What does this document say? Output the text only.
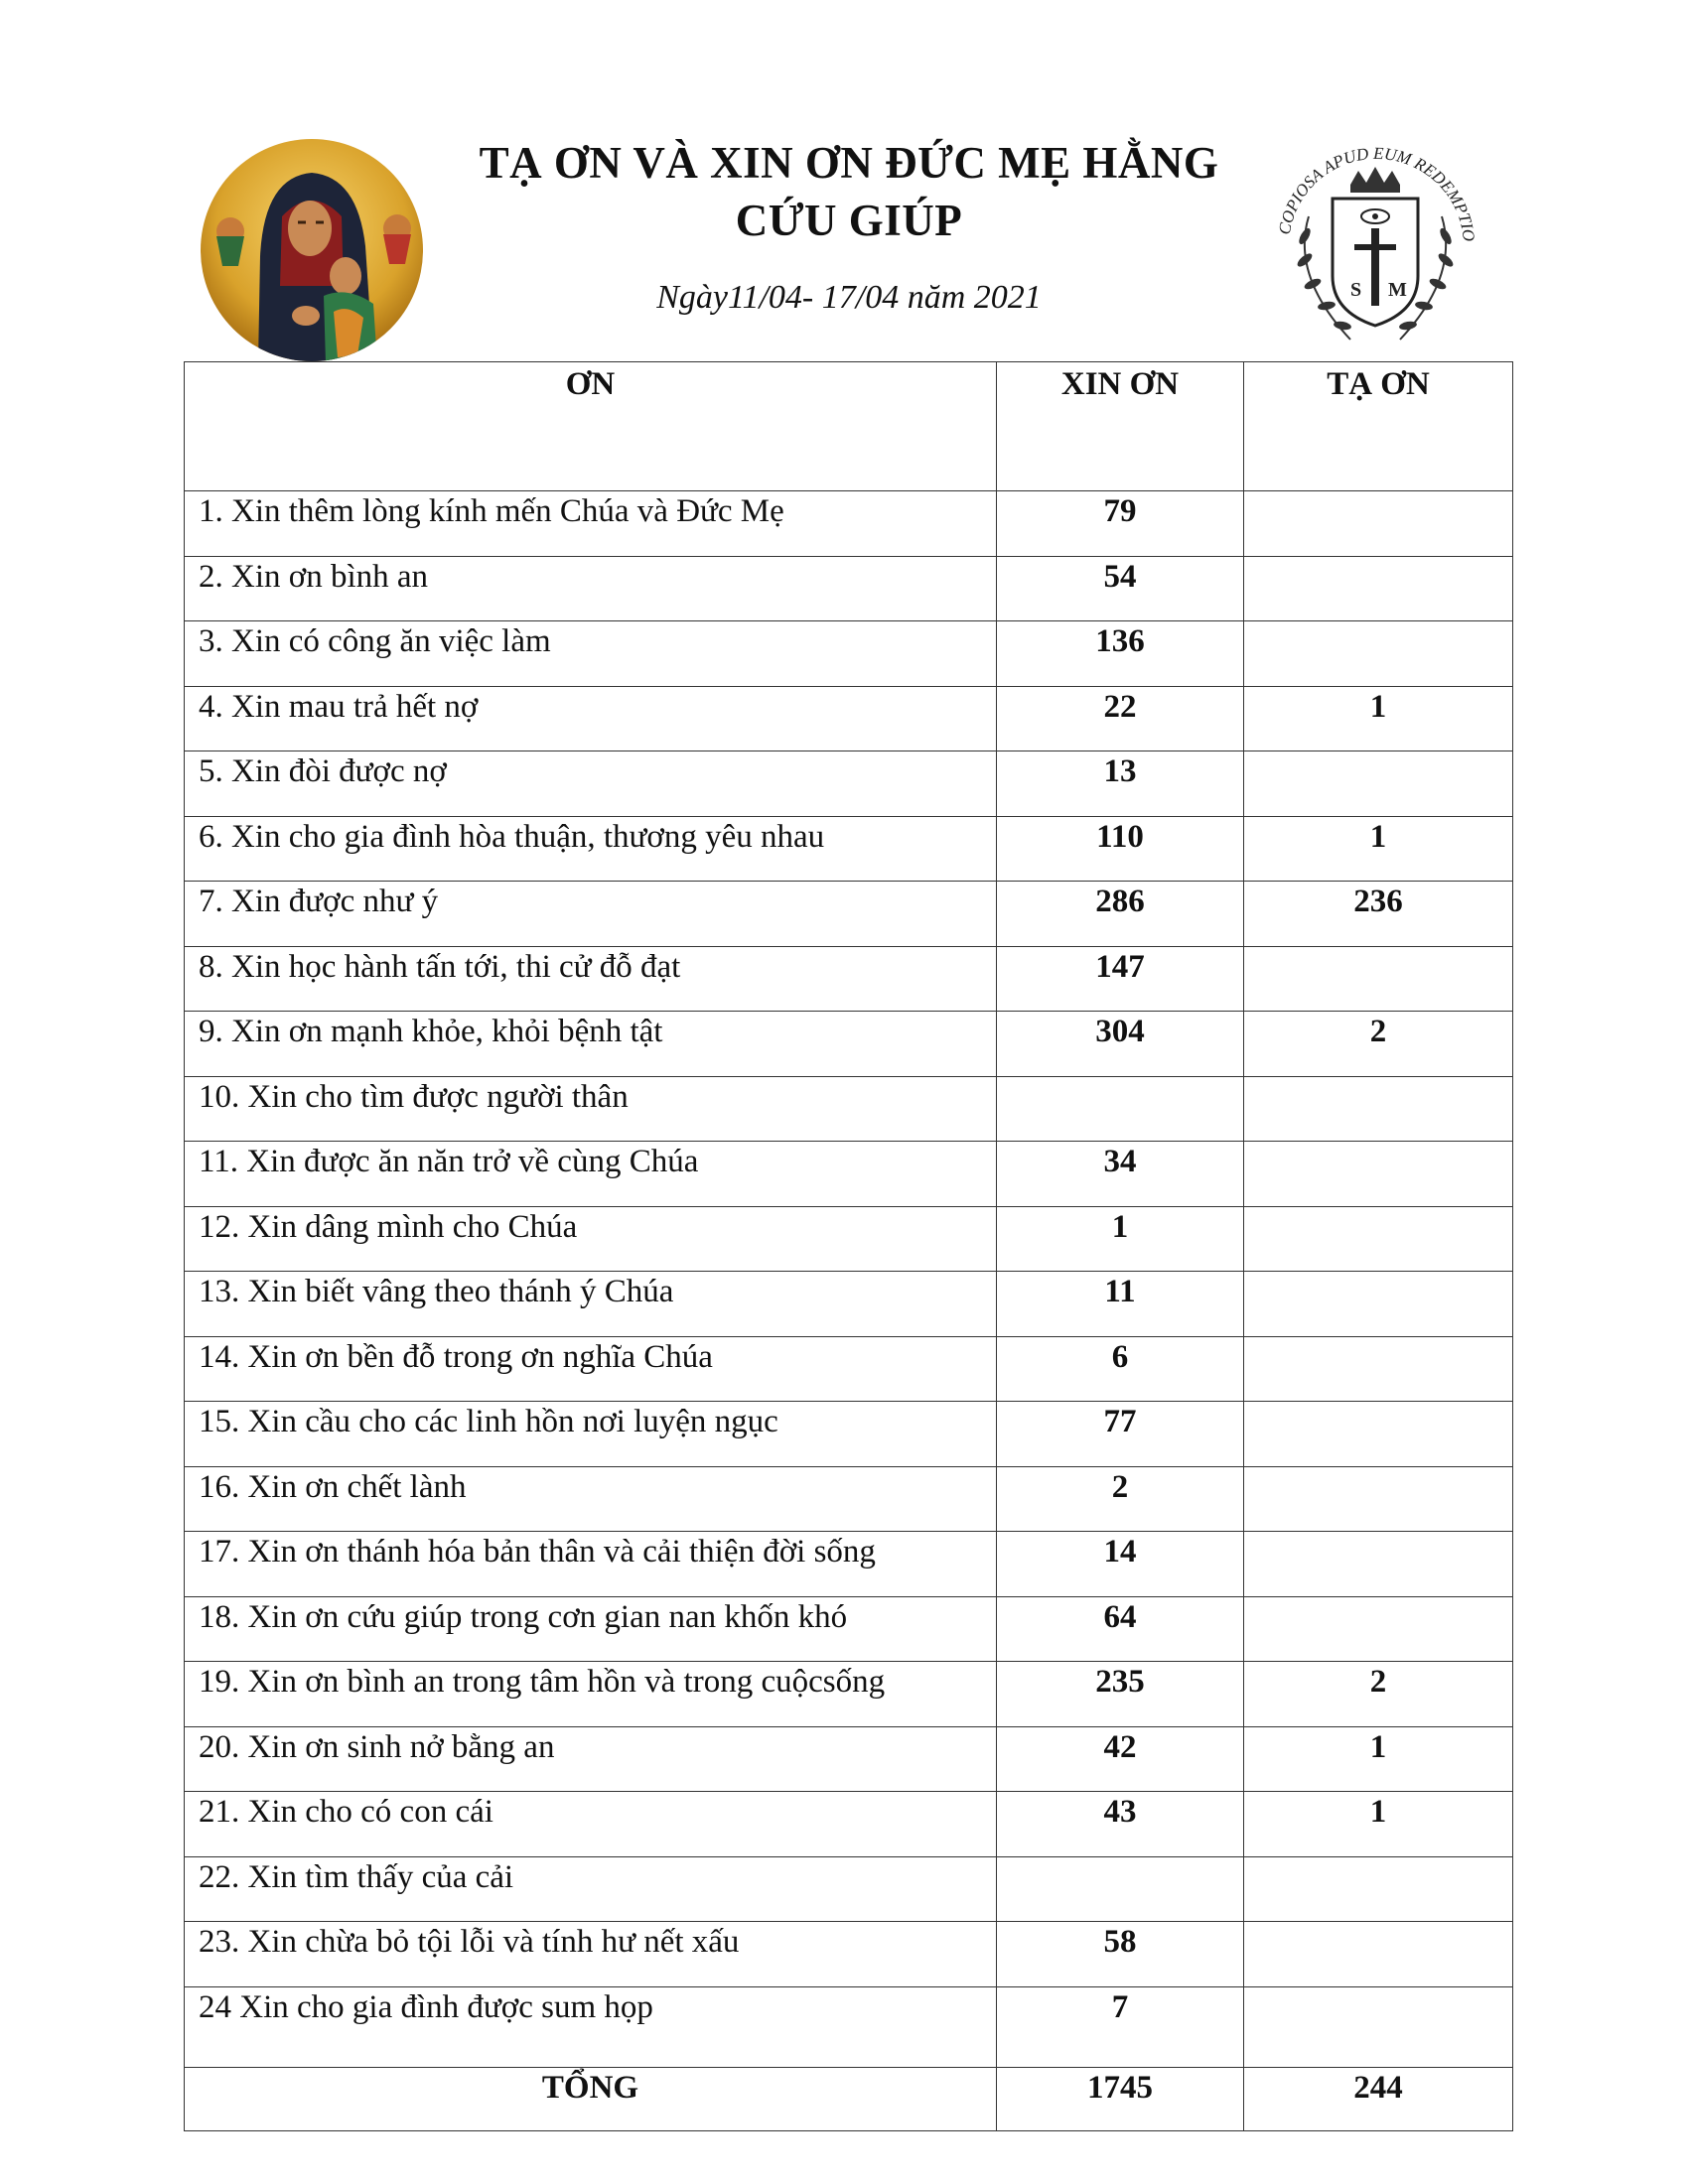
TẠ ƠN VÀ XIN ƠN ĐỨC MẸ HẰNG
CỨU GIÚP
Ngày11/04- 17/04 năm 2021
COPIOSA APUD EUM REDEMPTIO
S M
ƠN	XIN ƠN	TẠ ƠN
1. Xin thêm lòng kính mến Chúa và Đức Mẹ	79	
2. Xin ơn bình an	54	
3. Xin có công ăn việc làm	136	
4. Xin mau trả hết nợ	22	1
5. Xin đòi được nợ	13	
6. Xin cho gia đình hòa thuận, thương yêu nhau	110	1
7. Xin được như ý	286	236
8. Xin học hành tấn tới, thi cử đỗ đạt	147	
9. Xin ơn mạnh khỏe, khỏi bệnh tật	304	2
10. Xin cho tìm được người thân		
11. Xin được ăn năn trở về cùng Chúa	34	
12. Xin dâng mình cho Chúa	1	
13. Xin biết vâng theo thánh ý Chúa	11	
14. Xin ơn bền đỗ trong ơn nghĩa Chúa	6	
15. Xin cầu cho các linh hồn nơi luyện ngục	77	
16. Xin ơn chết lành	2	
17. Xin ơn thánh hóa bản thân và cải thiện đời sống	14	
18. Xin ơn cứu giúp trong cơn gian nan khốn khó	64	
19. Xin ơn bình an trong tâm hồn và trong cuộcsống	235	2
20. Xin ơn sinh nở bằng an	42	1
21. Xin cho có con cái	43	1
22. Xin tìm thấy của cải		
23. Xin chừa bỏ tội lỗi và tính hư nết xấu	58	
24 Xin cho gia đình được sum họp	7	
TỔNG	1745	244
